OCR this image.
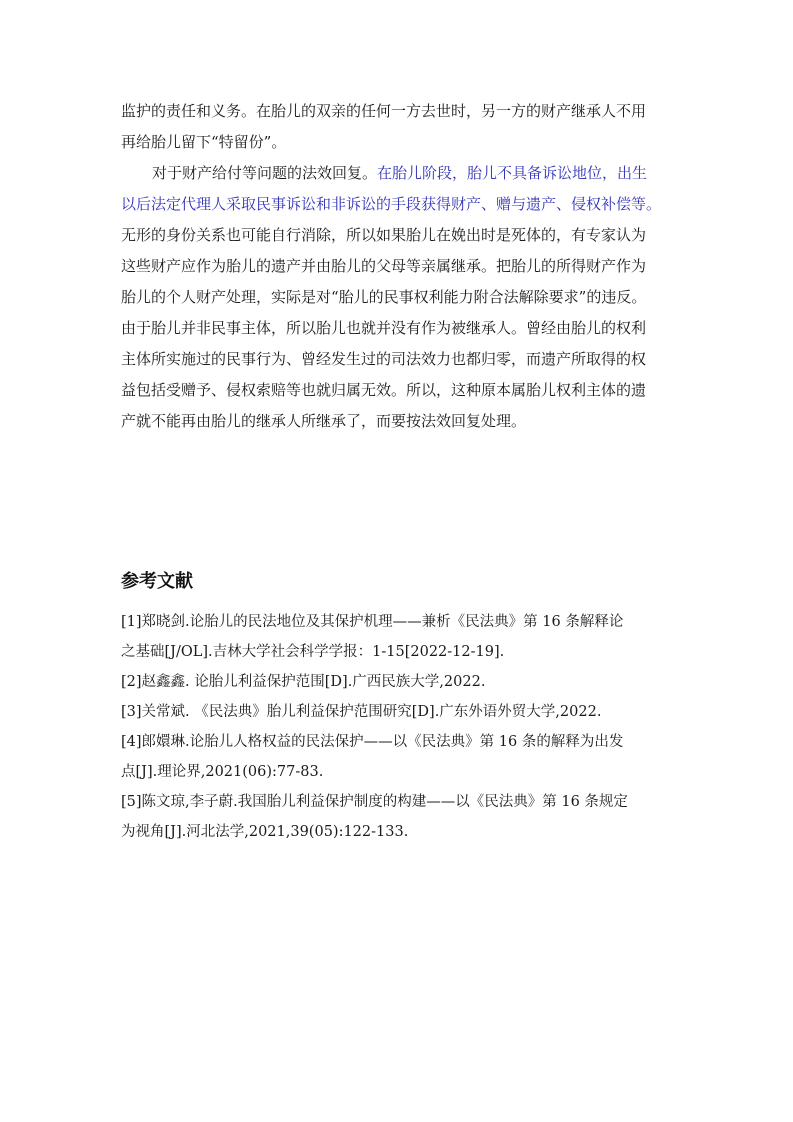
监护的责任和义务。在胎儿的双亲的任何一方去世时，另一方的财产继承人不用
再给胎儿留下“特留份”。
对于财产给付等问题的法效回复。在胎儿阶段，胎儿不具备诉讼地位，出生
以后法定代理人采取民事诉讼和非诉讼的手段获得财产、赠与遗产、侵权补偿等。
无形的身份关系也可能自行消除，所以如果胎儿在娩出时是死体的，有专家认为
这些财产应作为胎儿的遗产并由胎儿的父母等亲属继承。把胎儿的所得财产作为
胎儿的个人财产处理，实际是对“胎儿的民事权利能力附合法解除要求”的违反。
由于胎儿并非民事主体，所以胎儿也就并没有作为被继承人。曾经由胎儿的权利
主体所实施过的民事行为、曾经发生过的司法效力也都归零，而遗产所取得的权
益包括受赠予、侵权索赔等也就归属无效。所以，这种原本属胎儿权利主体的遗
产就不能再由胎儿的继承人所继承了，而要按法效回复处理。
参考文献
[1]郑晓剑.论胎儿的民法地位及其保护机理——兼析《民法典》第 16 条解释论
之基础[J/OL].吉林大学社会科学学报：1-15[2022-12-19].
[2]赵鑫鑫. 论胎儿利益保护范围[D].广西民族大学,2022.
[3]关常斌. 《民法典》胎儿利益保护范围研究[D].广东外语外贸大学,2022.
[4]郎嬛琳.论胎儿人格权益的民法保护——以《民法典》第 16 条的解释为出发
点[J].理论界,2021(06):77-83.
[5]陈文琼,李子蔚.我国胎儿利益保护制度的构建——以《民法典》第 16 条规定
为视角[J].河北法学,2021,39(05):122-133.
